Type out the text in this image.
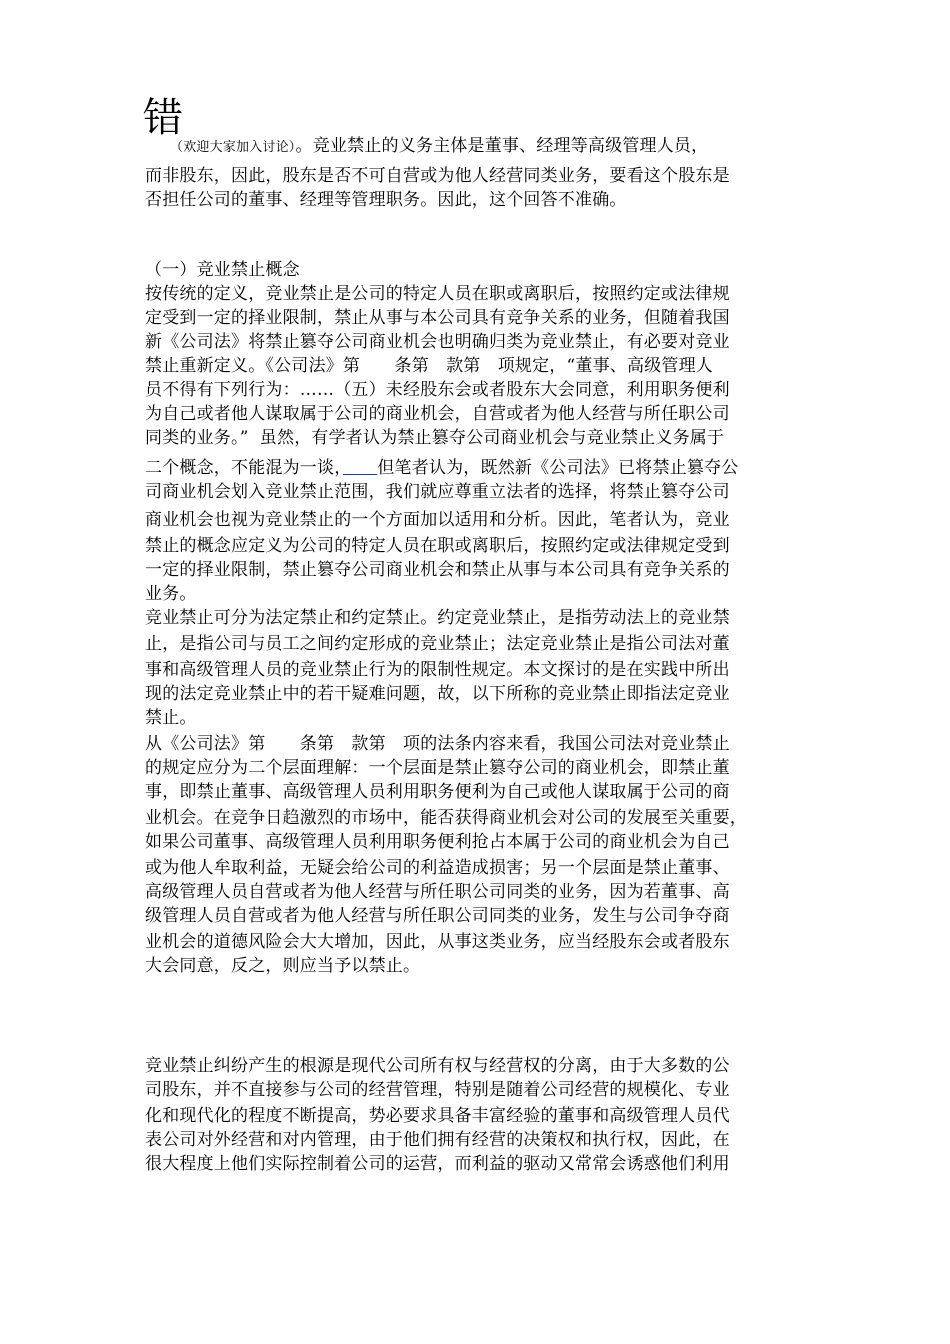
错
（欢迎大家加入讨论）。竞业禁止的义务主体是董事、经理等高级管理人员，
而非股东，因此，股东是否不可自营或为他人经营同类业务，要看这个股东是
否担任公司的董事、经理等管理职务。因此，这个回答不准确。
（一）竞业禁止概念
按传统的定义，竞业禁止是公司的特定人员在职或离职后，按照约定或法律规
定受到一定的择业限制，禁止从事与本公司具有竞争关系的业务，但随着我国
新《公司法》将禁止篡夺公司商业机会也明确归类为竞业禁止，有必要对竞业
禁止重新定义。《公司法》第　　条第　款第　项规定，“董事、高级管理人
员不得有下列行为：……（五）未经股东会或者股东大会同意，利用职务便利
为自己或者他人谋取属于公司的商业机会，自营或者为他人经营与所任职公司
同类的业务。”  虽然，有学者认为禁止篡夺公司商业机会与竞业禁止义务属于
二个概念，不能混为一谈，　　 但笔者认为，既然新《公司法》已将禁止篡夺公
司商业机会划入竞业禁止范围，我们就应尊重立法者的选择，将禁止篡夺公司
商业机会也视为竞业禁止的一个方面加以适用和分析。因此，笔者认为，竞业
禁止的概念应定义为公司的特定人员在职或离职后，按照约定或法律规定受到
一定的择业限制，禁止篡夺公司商业机会和禁止从事与本公司具有竞争关系的
业务。
竞业禁止可分为法定禁止和约定禁止。约定竞业禁止，是指劳动法上的竞业禁
止，是指公司与员工之间约定形成的竞业禁止；法定竞业禁止是指公司法对董
事和高级管理人员的竞业禁止行为的限制性规定。本文探讨的是在实践中所出
现的法定竞业禁止中的若干疑难问题，故，以下所称的竞业禁止即指法定竞业
禁止。
从《公司法》第　　条第　款第　项的法条内容来看，我国公司法对竞业禁止
的规定应分为二个层面理解：一个层面是禁止篡夺公司的商业机会，即禁止董
事，即禁止董事、高级管理人员利用职务便利为自己或他人谋取属于公司的商
业机会。在竞争日趋激烈的市场中，能否获得商业机会对公司的发展至关重要，
如果公司董事、高级管理人员利用职务便利抢占本属于公司的商业机会为自己
或为他人牟取利益，无疑会给公司的利益造成损害；另一个层面是禁止董事、
高级管理人员自营或者为他人经营与所任职公司同类的业务，因为若董事、高
级管理人员自营或者为他人经营与所任职公司同类的业务，发生与公司争夺商
业机会的道德风险会大大增加，因此，从事这类业务，应当经股东会或者股东
大会同意，反之，则应当予以禁止。
竞业禁止纠纷产生的根源是现代公司所有权与经营权的分离，由于大多数的公
司股东，并不直接参与公司的经营管理，特别是随着公司经营的规模化、专业
化和现代化的程度不断提高，势必要求具备丰富经验的董事和高级管理人员代
表公司对外经营和对内管理，由于他们拥有经营的决策权和执行权，因此，在
很大程度上他们实际控制着公司的运营，而利益的驱动又常常会诱惑他们利用
